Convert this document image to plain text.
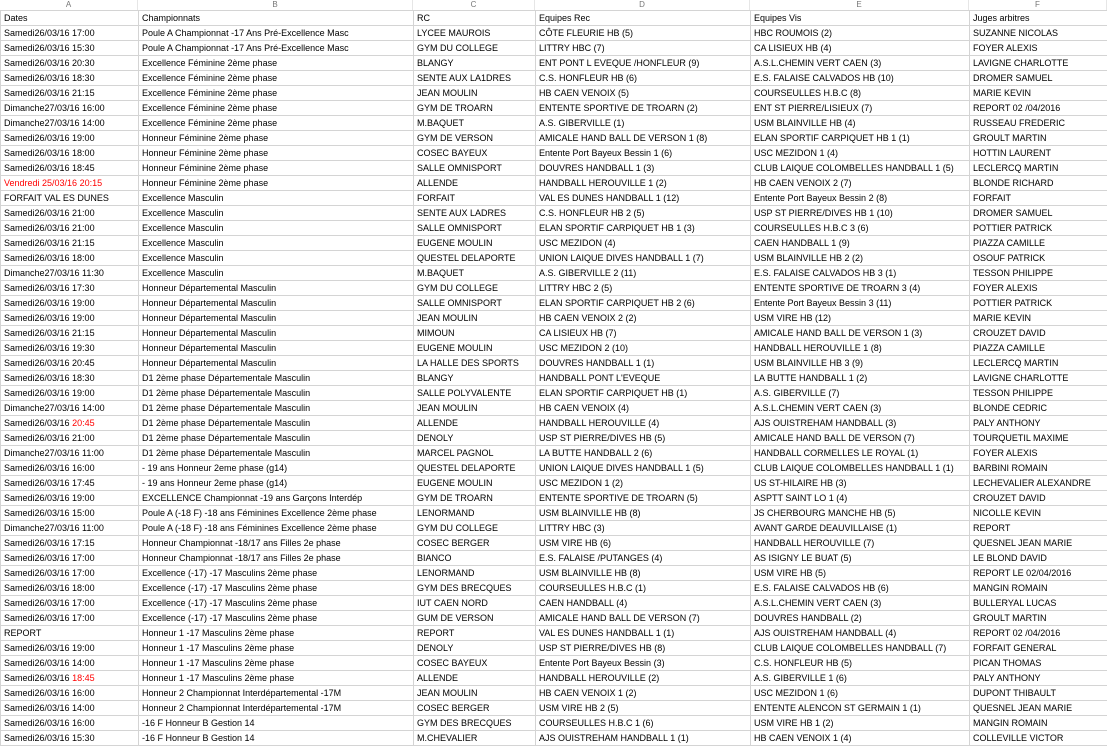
A	B	C	D	E	F
Dates	Championnats	RC	Equipes Rec	Equipes Vis	Juges arbitres
Samedi26/03/16 17:00	Poule A Championnat -17 Ans Pré-Excellence Masc	LYCEE MAUROIS	CÔTE FLEURIE HB (5)	HBC ROUMOIS (2)	SUZANNE NICOLAS
Samedi26/03/16 15:30	Poule A Championnat -17 Ans Pré-Excellence Masc	GYM DU COLLEGE	LITTRY HBC (7)	CA LISIEUX HB (4)	FOYER ALEXIS
Samedi26/03/16 20:30	Excellence Féminine 2ème phase	BLANGY	ENT PONT L EVEQUE /HONFLEUR (9)	A.S.L.CHEMIN VERT CAEN (3)	LAVIGNE CHARLOTTE
Samedi26/03/16 18:30	Excellence Féminine 2ème phase	SENTE AUX LA1DRES	C.S. HONFLEUR HB (6)	E.S. FALAISE CALVADOS HB (10)	DROMER SAMUEL
Samedi26/03/16 21:15	Excellence Féminine 2ème phase	JEAN MOULIN	HB CAEN VENOIX (5)	COURSEULLES H.B.C (8)	MARIE KEVIN
Dimanche27/03/16 16:00	Excellence Féminine 2ème phase	GYM DE TROARN	ENTENTE SPORTIVE DE TROARN (2)	ENT ST PIERRE/LISIEUX (7)	REPORT 02 /04/2016
Dimanche27/03/16 14:00	Excellence Féminine 2ème phase	M.BAQUET	A.S. GIBERVILLE (1)	USM BLAINVILLE HB (4)	RUSSEAU FREDERIC
Samedi26/03/16 19:00	Honneur Féminine 2ème phase	GYM DE VERSON	AMICALE HAND BALL DE VERSON 1 (8)	ELAN SPORTIF CARPIQUET HB 1 (1)	GROULT MARTIN
Samedi26/03/16 18:00	Honneur Féminine 2ème phase	COSEC BAYEUX	Entente Port Bayeux Bessin 1 (6)	USC MEZIDON 1 (4)	HOTTIN LAURENT
Samedi26/03/16 18:45	Honneur Féminine 2ème phase	SALLE OMNISPORT	DOUVRES HANDBALL 1 (3)	CLUB LAIQUE COLOMBELLES HANDBALL 1 (5)	LECLERCQ MARTIN
Vendredi 25/03/16 20:15	Honneur Féminine 2ème phase	ALLENDE	HANDBALL HEROUVILLE 1 (2)	HB CAEN VENOIX 2 (7)	BLONDE RICHARD
FORFAIT VAL ES DUNES	Excellence Masculin	FORFAIT	VAL ES DUNES HANDBALL 1 (12)	Entente Port Bayeux Bessin 2 (8)	FORFAIT
Samedi26/03/16 21:00	Excellence Masculin	SENTE AUX LADRES	C.S. HONFLEUR HB 2 (5)	USP ST PIERRE/DIVES HB 1 (10)	DROMER SAMUEL
Samedi26/03/16 21:00	Excellence Masculin	SALLE OMNISPORT	ELAN SPORTIF CARPIQUET HB 1 (3)	COURSEULLES H.B.C 3 (6)	POTTIER PATRICK
Samedi26/03/16 21:15	Excellence Masculin	EUGENE MOULIN	USC MEZIDON (4)	CAEN HANDBALL 1 (9)	PIAZZA CAMILLE
Samedi26/03/16 18:00	Excellence Masculin	QUESTEL DELAPORTE	UNION LAIQUE DIVES HANDBALL 1 (7)	USM BLAINVILLE HB 2 (2)	OSOUF PATRICK
Dimanche27/03/16 11:30	Excellence Masculin	M.BAQUET	A.S. GIBERVILLE 2 (11)	E.S. FALAISE CALVADOS HB 3 (1)	TESSON PHILIPPE
Samedi26/03/16 17:30	Honneur Départemental Masculin	GYM DU COLLEGE	LITTRY HBC 2 (5)	ENTENTE SPORTIVE DE TROARN 3 (4)	FOYER ALEXIS
Samedi26/03/16 19:00	Honneur Départemental Masculin	SALLE OMNISPORT	ELAN SPORTIF CARPIQUET HB 2 (6)	Entente Port Bayeux Bessin 3 (11)	POTTIER PATRICK
Samedi26/03/16 19:00	Honneur Départemental Masculin	JEAN MOULIN	HB CAEN VENOIX 2 (2)	USM VIRE HB (12)	MARIE KEVIN
Samedi26/03/16 21:15	Honneur Départemental Masculin	MIMOUN	CA LISIEUX HB (7)	AMICALE HAND BALL DE VERSON 1 (3)	CROUZET DAVID
Samedi26/03/16 19:30	Honneur Départemental Masculin	EUGENE MOULIN	USC MEZIDON 2 (10)	HANDBALL HEROUVILLE 1 (8)	PIAZZA CAMILLE
Samedi26/03/16 20:45	Honneur Départemental Masculin	LA HALLE DES SPORTS	DOUVRES HANDBALL 1 (1)	USM BLAINVILLE HB 3 (9)	LECLERCQ MARTIN
Samedi26/03/16 18:30	D1 2ème phase Départementale Masculin	BLANGY	HANDBALL PONT L'EVEQUE	LA BUTTE HANDBALL 1 (2)	LAVIGNE CHARLOTTE
Samedi26/03/16 19:00	D1 2ème phase Départementale Masculin	SALLE POLYVALENTE	ELAN SPORTIF CARPIQUET HB (1)	A.S. GIBERVILLE (7)	TESSON PHILIPPE
Dimanche27/03/16 14:00	D1 2ème phase Départementale Masculin	JEAN MOULIN	HB CAEN VENOIX (4)	A.S.L.CHEMIN VERT CAEN (3)	BLONDE CEDRIC
Samedi26/03/16 20:45	D1 2ème phase Départementale Masculin	ALLENDE	HANDBALL HEROUVILLE (4)	AJS OUISTREHAM HANDBALL (3)	PALY ANTHONY
Samedi26/03/16 21:00	D1 2ème phase Départementale Masculin	DENOLY	USP ST PIERRE/DIVES HB (5)	AMICALE HAND BALL DE VERSON (7)	TOURQUETIL MAXIME
Dimanche27/03/16 11:00	D1 2ème phase Départementale Masculin	MARCEL PAGNOL	LA BUTTE HANDBALL 2 (6)	HANDBALL CORMELLES LE ROYAL (1)	FOYER ALEXIS
Samedi26/03/16 16:00	- 19 ans Honneur 2eme phase (g14)	QUESTEL DELAPORTE	UNION LAIQUE DIVES HANDBALL 1 (5)	CLUB LAIQUE COLOMBELLES HANDBALL 1 (1)	BARBINI ROMAIN
Samedi26/03/16 17:45	- 19 ans Honneur 2eme phase (g14)	EUGENE MOULIN	USC MEZIDON 1 (2)	US ST-HILAIRE HB (3)	LECHEVALIER ALEXANDRE
Samedi26/03/16 19:00	EXCELLENCE Championnat -19 ans Garçons Interdép	GYM DE TROARN	ENTENTE SPORTIVE DE TROARN (5)	ASPTT SAINT LO 1 (4)	CROUZET DAVID
Samedi26/03/16 15:00	Poule A (-18 F) -18 ans Féminines Excellence 2ème phase	LENORMAND	USM BLAINVILLE HB (8)	JS CHERBOURG MANCHE HB (5)	NICOLLE KEVIN
Dimanche27/03/16 11:00	Poule A (-18 F) -18 ans Féminines Excellence 2ème phase	GYM DU COLLEGE	LITTRY HBC (3)	AVANT GARDE DEAUVILLAISE (1)	REPORT
Samedi26/03/16 17:15	Honneur Championnat -18/17 ans Filles 2e phase	COSEC BERGER	USM VIRE HB (6)	HANDBALL HEROUVILLE (7)	QUESNEL JEAN MARIE
Samedi26/03/16 17:00	Honneur Championnat -18/17 ans Filles 2e phase	BIANCO	E.S. FALAISE /PUTANGES (4)	AS ISIGNY LE BUAT (5)	LE BLOND DAVID
Samedi26/03/16 17:00	Excellence (-17) -17 Masculins 2ème phase	LENORMAND	USM BLAINVILLE HB (8)	USM VIRE HB (5)	REPORT LE 02/04/2016
Samedi26/03/16 18:00	Excellence (-17) -17 Masculins 2ème phase	GYM DES BRECQUES	COURSEULLES H.B.C (1)	E.S. FALAISE CALVADOS HB (6)	MANGIN ROMAIN
Samedi26/03/16 17:00	Excellence (-17) -17 Masculins 2ème phase	IUT CAEN NORD	CAEN HANDBALL (4)	A.S.L.CHEMIN VERT CAEN (3)	BULLERYAL LUCAS
Samedi26/03/16 17:00	Excellence (-17) -17 Masculins 2ème phase	GUM DE VERSON	AMICALE HAND BALL DE VERSON (7)	DOUVRES HANDBALL (2)	GROULT MARTIN
REPORT	Honneur 1 -17 Masculins 2ème phase	REPORT	VAL ES DUNES HANDBALL 1 (1)	AJS OUISTREHAM HANDBALL (4)	REPORT 02 /04/2016
Samedi26/03/16 19:00	Honneur 1 -17 Masculins 2ème phase	DENOLY	USP ST PIERRE/DIVES HB (8)	CLUB LAIQUE COLOMBELLES HANDBALL (7)	FORFAIT GENERAL
Samedi26/03/16 14:00	Honneur 1 -17 Masculins 2ème phase	COSEC BAYEUX	Entente Port Bayeux Bessin (3)	C.S. HONFLEUR HB (5)	PICAN THOMAS
Samedi26/03/16 18:45	Honneur 1 -17 Masculins 2ème phase	ALLENDE	HANDBALL HEROUVILLE (2)	A.S. GIBERVILLE 1 (6)	PALY ANTHONY
Samedi26/03/16 16:00	Honneur 2 Championnat Interdépartemental -17M	JEAN MOULIN	HB CAEN VENOIX 1 (2)	USC MEZIDON 1 (6)	DUPONT THIBAULT
Samedi26/03/16 14:00	Honneur 2 Championnat Interdépartemental -17M	COSEC BERGER	USM VIRE HB 2 (5)	ENTENTE ALENCON ST GERMAIN 1 (1)	QUESNEL JEAN MARIE
Samedi26/03/16 16:00	-16 F Honneur B Gestion 14	GYM DES BRECQUES	COURSEULLES H.B.C 1 (6)	USM VIRE HB 1 (2)	MANGIN ROMAIN
Samedi26/03/16 15:30	-16 F Honneur B Gestion 14	M.CHEVALIER	AJS OUISTREHAM HANDBALL 1 (1)	HB CAEN VENOIX 1 (4)	COLLEVILLE VICTOR
